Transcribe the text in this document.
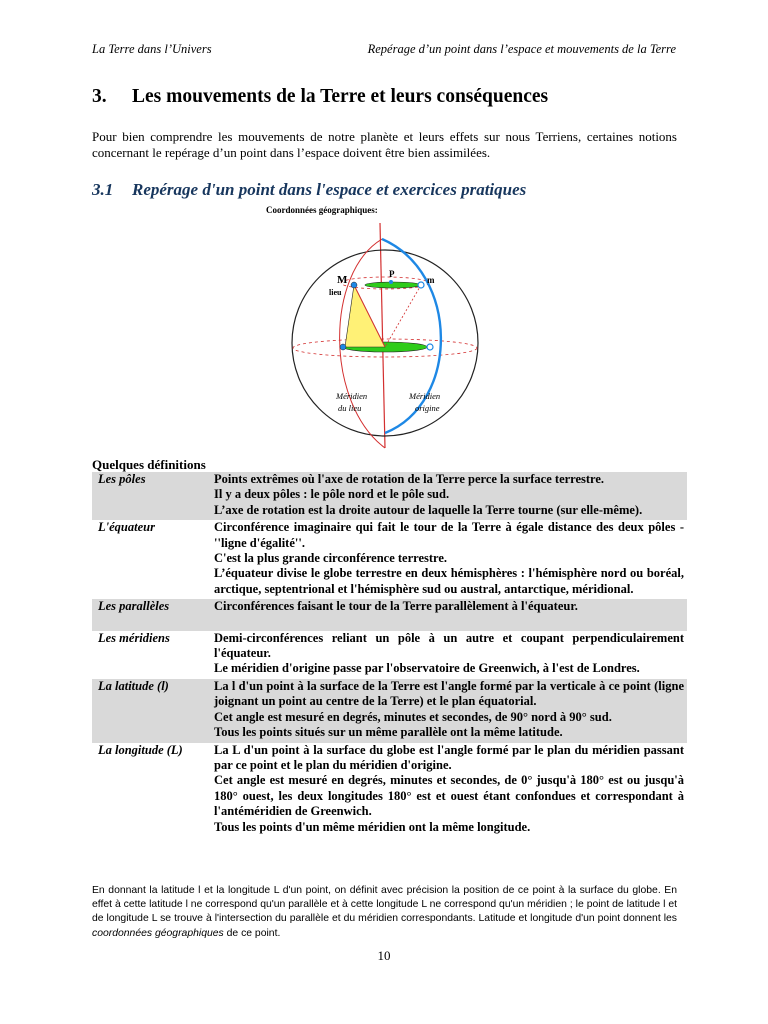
La Terre dans l’Univers	Repérage d’un point dans l’espace et mouvements de la Terre
3. Les mouvements de la Terre et leurs conséquences
Pour bien comprendre les mouvements de notre planète et leurs effets sur nous Terriens, certaines notions concernant le repérage d’un point dans l’espace doivent être bien assimilées.
3.1 Repérage d'un point dans l'espace et exercices pratiques
Coordonnées géographiques:
M
lieu
P
m
Méridien
du lieu
Méridien
origine
Quelques définitions
Les pôles	Points extrêmes où l'axe de rotation de la Terre perce la surface terrestre.
Il y a deux pôles : le pôle nord et le pôle sud.
L’axe de rotation est la droite autour de laquelle la Terre tourne (sur elle-même).

L'équateur	Circonférence imaginaire qui fait le tour de la Terre à égale distance des deux pôles - ''ligne d'égalité''.
C'est la plus grande circonférence terrestre.
L’équateur divise le globe terrestre en deux hémisphères : l'hémisphère nord ou boréal, arctique, septentrional et l'hémisphère sud ou austral, antarctique, méridional.

Les parallèles	Circonférences faisant le tour de la Terre parallèlement à l'équateur.

Les méridiens	Demi-circonférences reliant un pôle à un autre et coupant perpendiculairement l'équateur.
Le méridien d'origine passe par l'observatoire de Greenwich, à l'est de Londres.

La latitude (l)	La l d'un point à la surface de la Terre est l'angle formé par la verticale à ce point (ligne joignant un point au centre de la Terre) et le plan équatorial.
Cet angle est mesuré en degrés, minutes et secondes, de 90° nord à 90° sud.
Tous les points situés sur un même parallèle ont la même latitude.

La longitude (L)	La L d'un point à la surface du globe est l'angle formé par le plan du méridien passant par ce point et le plan du méridien d'origine.
Cet angle est mesuré en degrés, minutes et secondes, de 0° jusqu'à 180° est ou jusqu'à 180° ouest, les deux longitudes 180° est et ouest étant confondues et correspondant à l'antéméridien de Greenwich.
Tous les points d'un même méridien ont la même longitude.
En donnant la latitude l et la longitude L d'un point, on définit avec précision la position de ce point à la surface du globe. En effet à cette latitude l ne correspond qu'un parallèle et à cette longitude L ne correspond qu'un méridien ; le point de latitude l et de longitude L se trouve à l'intersection du parallèle et du méridien correspondants. Latitude et longitude d'un point donnent les coordonnées géographiques de ce point.
10
